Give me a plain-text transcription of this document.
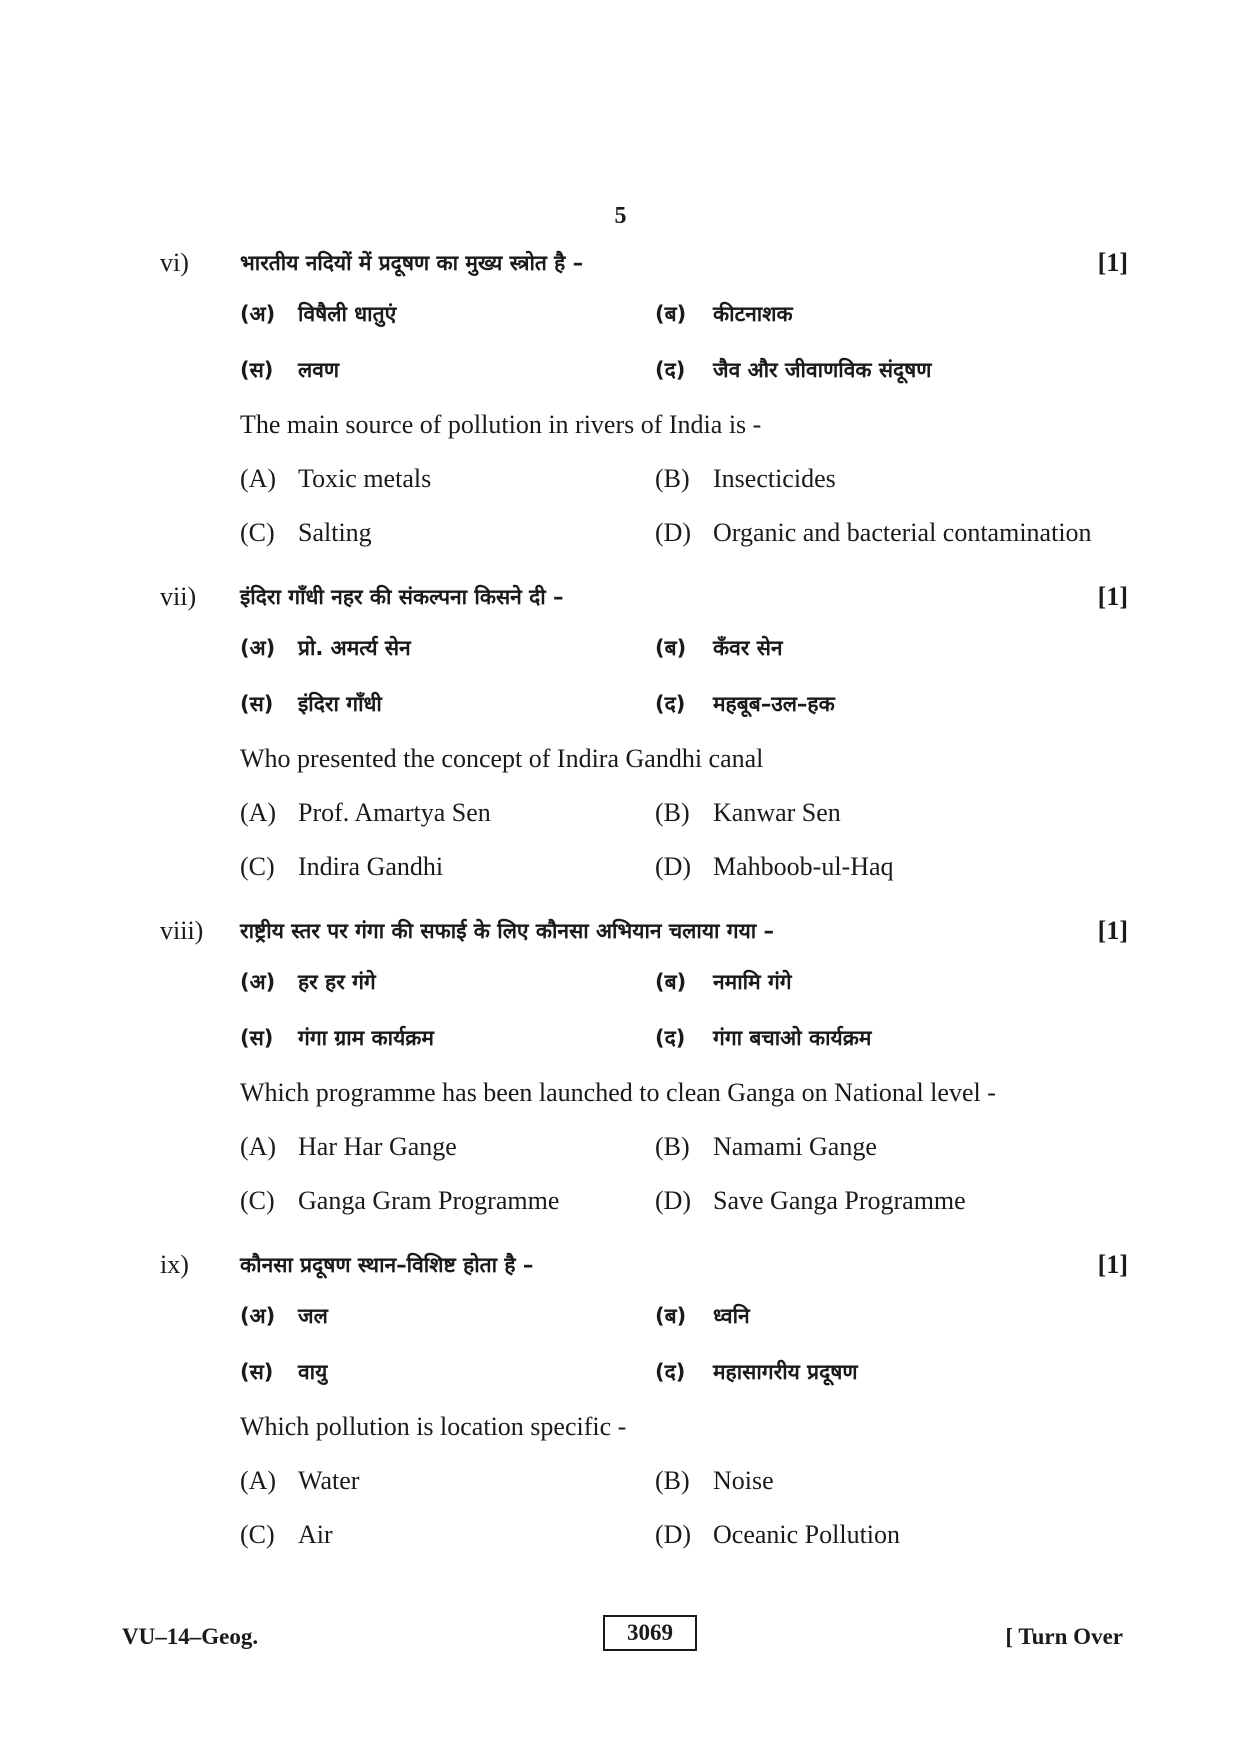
5
vi) भारतीय नदियों में प्रदूषण का मुख्य स्त्रोत है –	[1]
(अ) विषैली धातुएं	(ब) कीटनाशक
(स) लवण	(द) जैव और जीवाणविक संदूषण
The main source of pollution in rivers of India is -
(A) Toxic metals	(B) Insecticides
(C) Salting	(D) Organic and bacterial contamination
vii) इंदिरा गाँधी नहर की संकल्पना किसने दी –	[1]
(अ) प्रो. अमर्त्य सेन	(ब) कँवर सेन
(स) इंदिरा गाँधी	(द) महबूब–उल–हक
Who presented the concept of Indira Gandhi canal
(A) Prof. Amartya Sen	(B) Kanwar Sen
(C) Indira Gandhi	(D) Mahboob-ul-Haq
viii) राष्ट्रीय स्तर पर गंगा की सफाई के लिए कौनसा अभियान चलाया गया –	[1]
(अ) हर हर गंगे	(ब) नमामि गंगे
(स) गंगा ग्राम कार्यक्रम	(द) गंगा बचाओ कार्यक्रम
Which programme has been launched to clean Ganga on National level -
(A) Har Har Gange	(B) Namami Gange
(C) Ganga Gram Programme	(D) Save Ganga Programme
ix) कौनसा प्रदूषण स्थान–विशिष्ट होता है –	[1]
(अ) जल	(ब) ध्वनि
(स) वायु	(द) महासागरीय प्रदूषण
Which pollution is location specific -
(A) Water	(B) Noise
(C) Air	(D) Oceanic Pollution
VU–14–Geog.	3069	[ Turn Over
